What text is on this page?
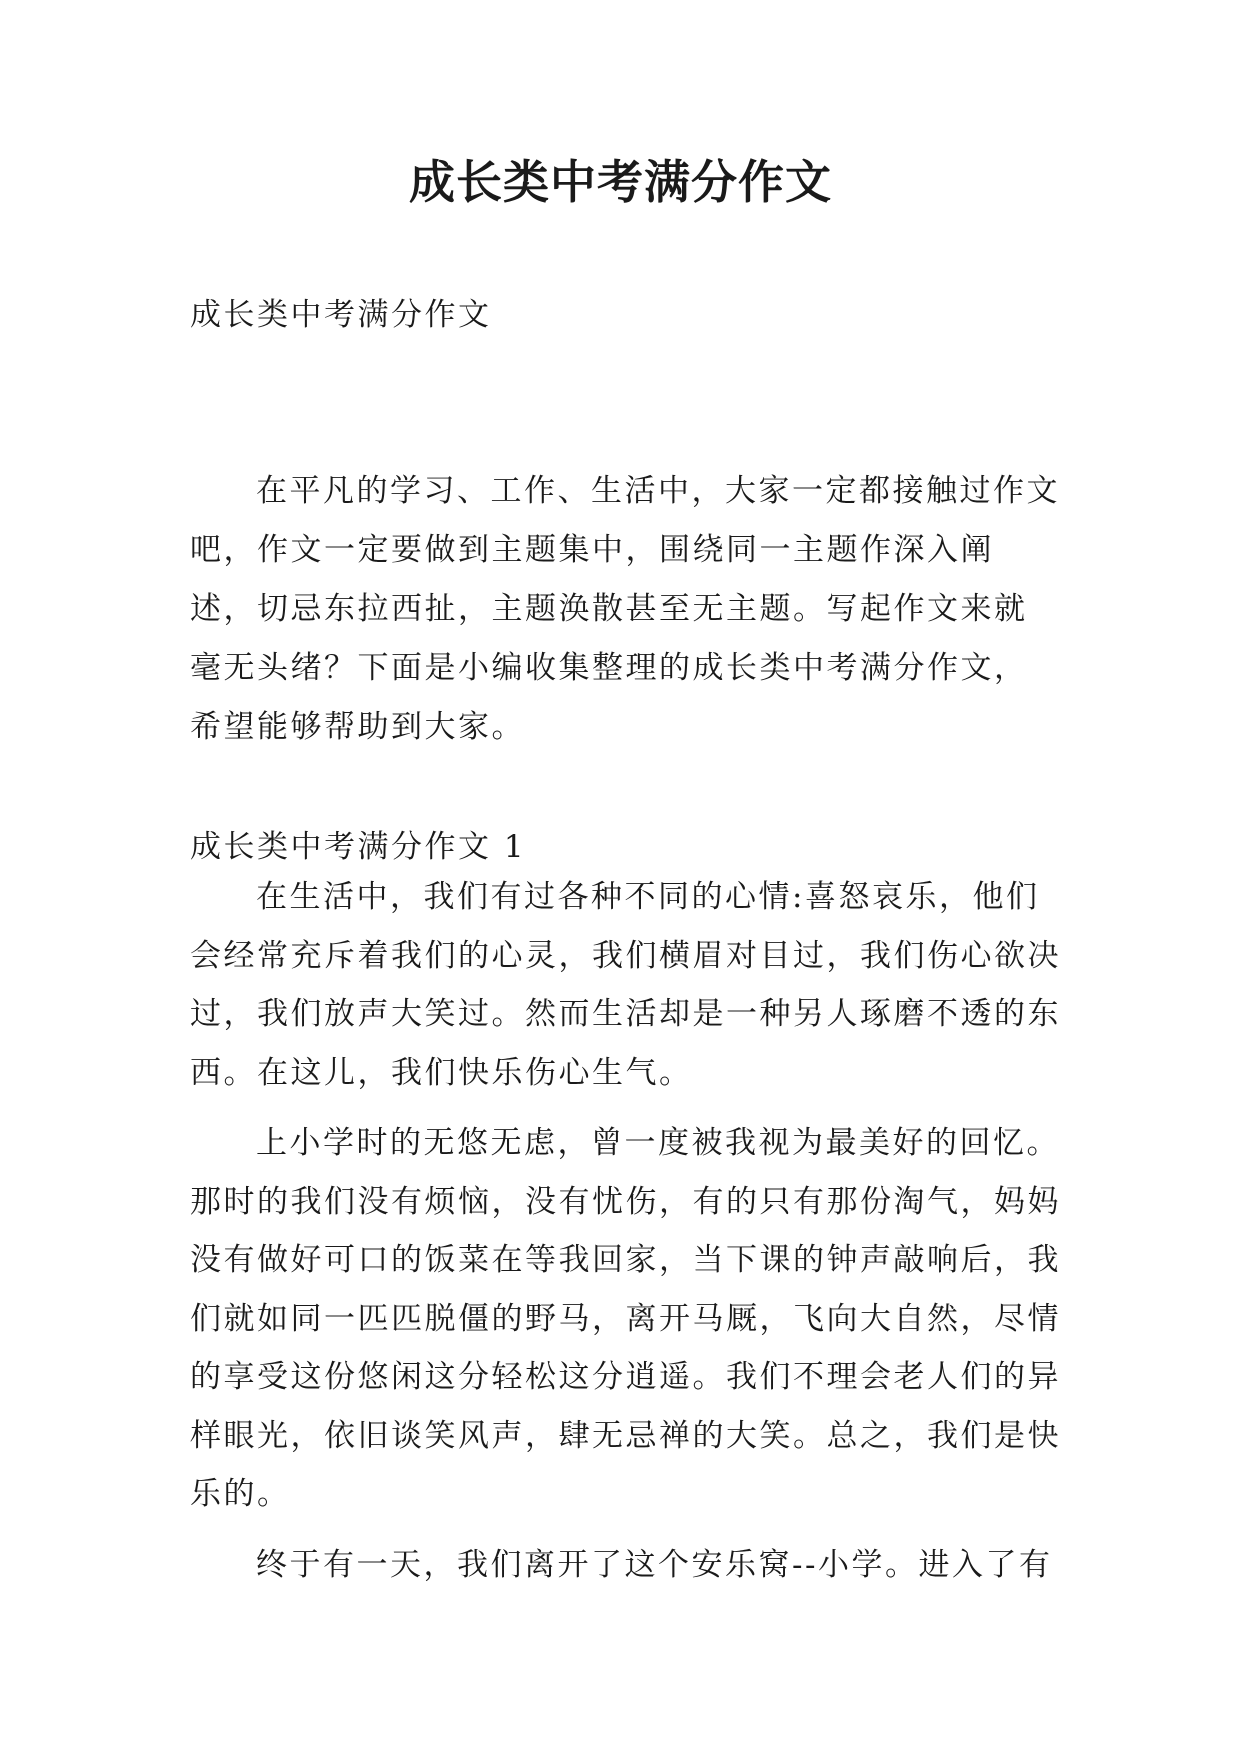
成长类中考满分作文
成长类中考满分作文

在平凡的学习、工作、生活中，大家一定都接触过作文吧，作文一定要做到主题集中，围绕同一主题作深入阐述，切忌东拉西扯，主题涣散甚至无主题。写起作文来就毫无头绪？下面是小编收集整理的成长类中考满分作文，希望能够帮助到大家。

成长类中考满分作文 1

在生活中，我们有过各种不同的心情:喜怒哀乐，他们会经常充斥着我们的心灵，我们横眉对目过，我们伤心欲决过，我们放声大笑过。然而生活却是一种另人琢磨不透的东西。在这儿，我们快乐伤心生气。

上小学时的无悠无虑，曾一度被我视为最美好的回忆。那时的我们没有烦恼，没有忧伤，有的只有那份淘气，妈妈没有做好可口的饭菜在等我回家，当下课的钟声敲响后，我们就如同一匹匹脱僵的野马，离开马厩，飞向大自然，尽情的享受这份悠闲这分轻松这分逍遥。我们不理会老人们的异样眼光，依旧谈笑风声，肆无忌禅的大笑。总之，我们是快乐的。

终于有一天，我们离开了这个安乐窝--小学。进入了有
